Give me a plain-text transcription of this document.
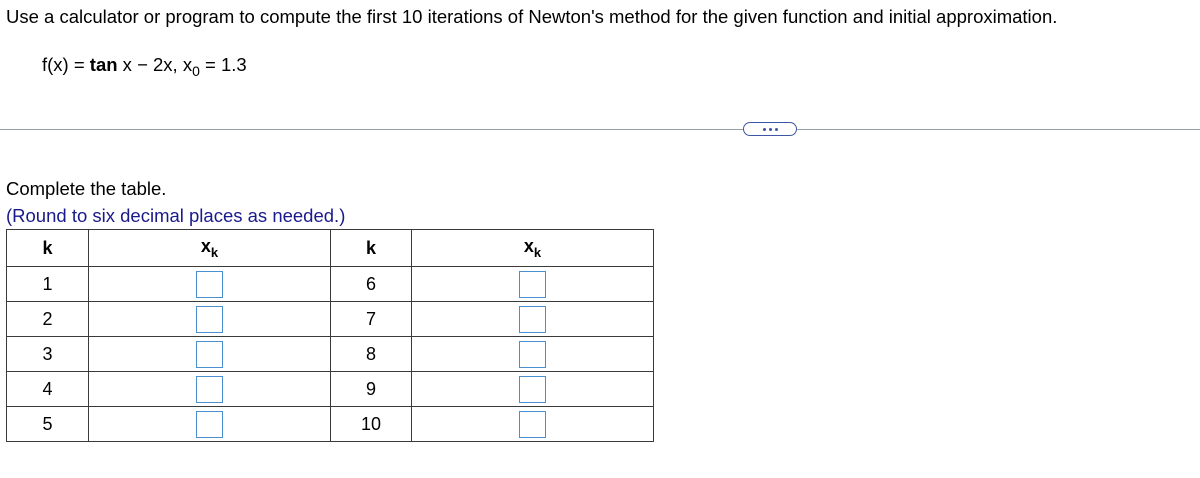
Use a calculator or program to compute the first 10 iterations of Newton's method for the given function and initial approximation.
f(x) = tan x − 2x, $x_0 = 1.3$
Complete the table.
(Round to six decimal places as needed.)
k	$x_k$	k	$x_k$
1		6	
2		7	
3		8	
4		9	
5		10	
